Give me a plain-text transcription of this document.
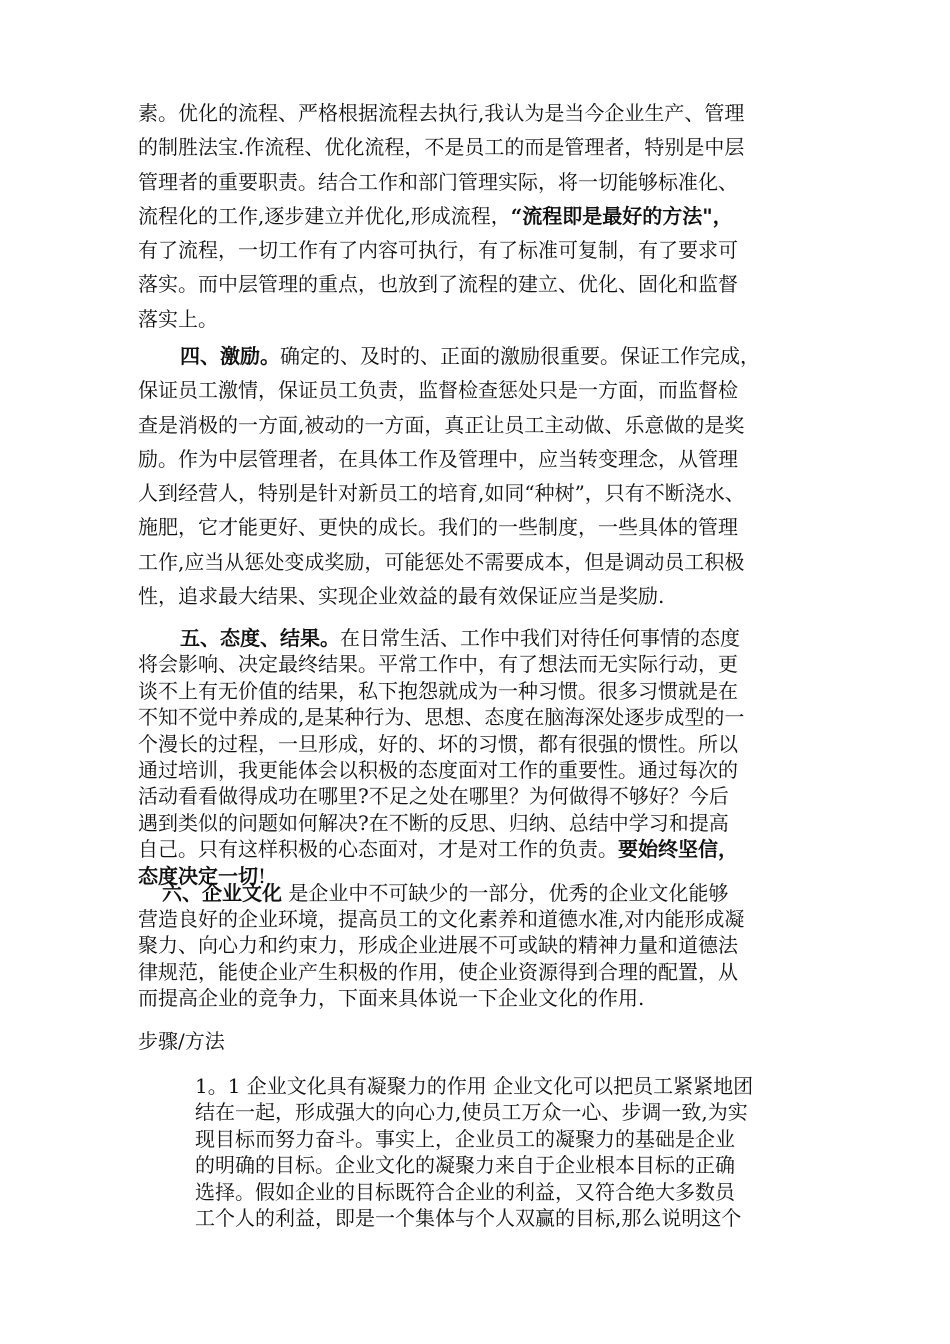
素。优化的流程、严格根据流程去执行,我认为是当今企业生产、管理
的制胜法宝.作流程、优化流程，不是员工的而是管理者，特别是中层
管理者的重要职责。结合工作和部门管理实际，将一切能够标准化、
流程化的工作,逐步建立并优化,形成流程，“流程即是最好的方法"，
有了流程，一切工作有了内容可执行，有了标准可复制，有了要求可
落实。而中层管理的重点，也放到了流程的建立、优化、固化和监督
落实上。
四、激励。确定的、及时的、正面的激励很重要。保证工作完成，
保证员工激情，保证员工负责，监督检查惩处只是一方面，而监督检
查是消极的一方面,被动的一方面，真正让员工主动做、乐意做的是奖
励。作为中层管理者，在具体工作及管理中，应当转变理念，从管理
人到经营人，特别是针对新员工的培育,如同“种树”，只有不断浇水、
施肥，它才能更好、更快的成长。我们的一些制度，一些具体的管理
工作,应当从惩处变成奖励，可能惩处不需要成本，但是调动员工积极
性，追求最大结果、实现企业效益的最有效保证应当是奖励.
五、态度、结果。在日常生活、工作中我们对待任何事情的态度
将会影响、决定最终结果。平常工作中，有了想法而无实际行动，更
谈不上有无价值的结果，私下抱怨就成为一种习惯。很多习惯就是在
不知不觉中养成的,是某种行为、思想、态度在脑海深处逐步成型的一
个漫长的过程，一旦形成，好的、坏的习惯，都有很强的惯性。所以
通过培训，我更能体会以积极的态度面对工作的重要性。通过每次的
活动看看做得成功在哪里?不足之处在哪里？为何做得不够好？今后
遇到类似的问题如何解决?在不断的反思、归纳、总结中学习和提高
自己。只有这样积极的心态面对，才是对工作的负责。要始终坚信，
态度决定一切!
六、企业文化 是企业中不可缺少的一部分，优秀的企业文化能够
营造良好的企业环境，提高员工的文化素养和道德水准,对内能形成凝
聚力、向心力和约束力，形成企业进展不可或缺的精神力量和道德法
律规范，能使企业产生积极的作用，使企业资源得到合理的配置，从
而提高企业的竞争力，下面来具体说一下企业文化的作用.
步骤/方法
1。1 企业文化具有凝聚力的作用 企业文化可以把员工紧紧地团
结在一起，形成强大的向心力,使员工万众一心、步调一致,为实
现目标而努力奋斗。事实上，企业员工的凝聚力的基础是企业
的明确的目标。企业文化的凝聚力来自于企业根本目标的正确
选择。假如企业的目标既符合企业的利益，又符合绝大多数员
工个人的利益，即是一个集体与个人双赢的目标,那么说明这个
